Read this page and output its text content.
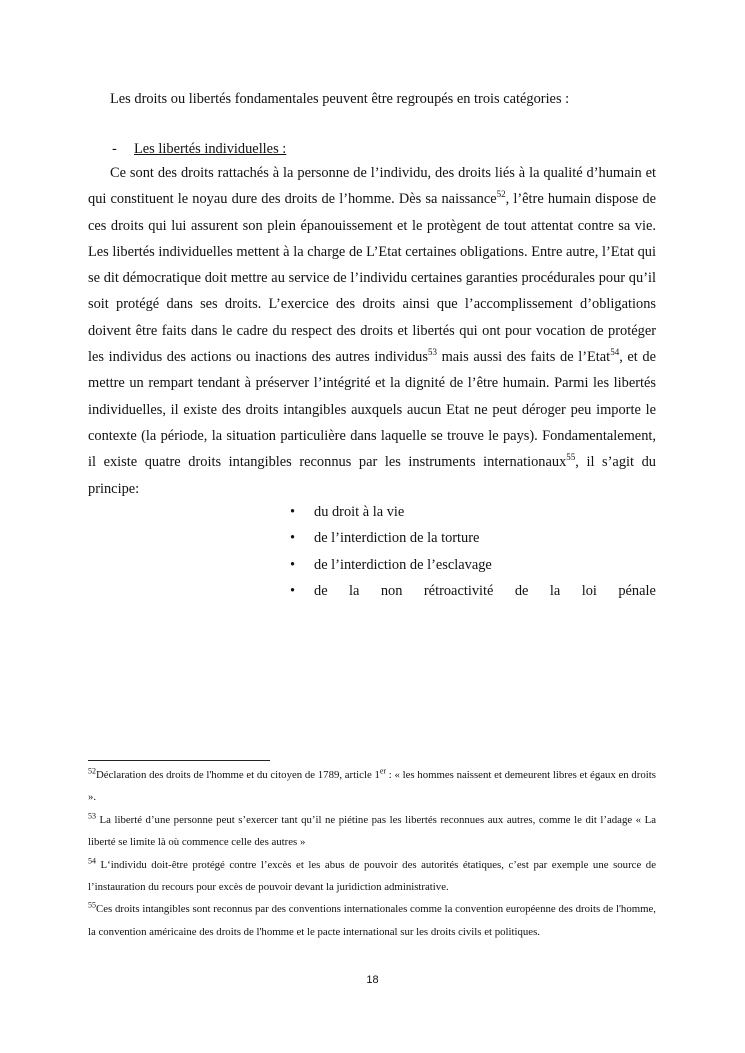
Les droits ou libertés fondamentales peuvent être regroupés en trois catégories :
- Les libertés individuelles :

Ce sont des droits rattachés à la personne de l’individu, des droits liés à la qualité d’humain et qui constituent le noyau dure des droits de l’homme. Dès sa naissance$^{52}$, l’être humain dispose de ces droits qui lui assurent son plein épanouissement et le protègent de tout attentat contre sa vie. Les libertés individuelles mettent à la charge de L’Etat certaines obligations. Entre autre, l’Etat qui se dit démocratique doit mettre au service de l’individu certaines garanties procédurales pour qu’il soit protégé dans ses droits. L’exercice des droits ainsi que l’accomplissement d’obligations doivent être faits dans le cadre du respect des droits et libertés qui ont pour vocation de protéger les individus des actions ou inactions des autres individus$^{53}$ mais aussi des faits de l’Etat$^{54}$, et de mettre un rempart tendant à préserver l’intégrité et la dignité de l’être humain. Parmi les libertés individuelles, il existe des droits intangibles auxquels aucun Etat ne peut déroger peu importe le contexte (la période, la situation particulière dans laquelle se trouve le pays). Fondamentalement, il existe quatre droits intangibles reconnus par les instruments internationaux$^{55}$, il s’agit du principe:

• du droit à la vie
• de l’interdiction de la torture
• de l’interdiction de l’esclavage
• de la non rétroactivité de la loi pénale

$^{52}$Déclaration des droits de l'homme et du citoyen de 1789, article 1er : « les hommes naissent et demeurent libres et égaux en droits ».

$^{53}$ La liberté d’une personne peut s’exercer tant qu’il ne piétine pas les libertés reconnues aux autres, comme le dit l’adage « La liberté se limite là où commence celle des autres »

$^{54}$ L‘individu doit-être protégé contre l’excès et les abus de pouvoir des autorités étatiques, c’est par exemple une source de l’instauration du recours pour excès de pouvoir devant la juridiction administrative.

$^{55}$Ces droits intangibles sont reconnus par des conventions internationales comme la convention européenne des droits de l'homme, la convention américaine des droits de l'homme et le pacte international sur les droits civils et politiques.

18
